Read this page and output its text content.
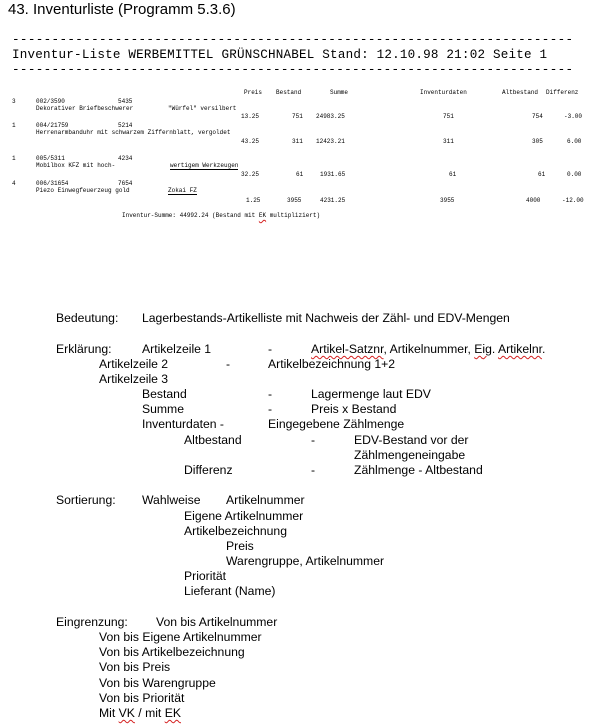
43. Inventurliste (Programm 5.3.6)
-----------------------------------------------------------------------
Inventur-Liste WERBEMITTEL GRÜNSCHNABEL Stand: 12.10.98 21:02 Seite 1
-----------------------------------------------------------------------
Preis Bestand	Summe	Inventurdaten	Altbestand Differenz
3	002/3590	5435
Dekorativer Briefbeschwerer	"Würfel" versilbert
13.25	751 24983.25	751	754	-3.00
1	004/21759	5214
Herrenarmbanduhr mit schwarzem Ziffernblatt, vergoldet
43.25	311 12423.21	311	305	6.00
1	005/5311	4234
Mobilbox KFZ mit hoch-	wertigem Werkzeugen
32.25	61	1931.65	61	61	0.00
4	006/31654	7654
Piezo Einwegfeuerzeug gold	Zokai FZ
1.25	3955	4231.25	3955	4000	-12.00
Inventur-Summe: 44992.24 (Bestand mit EK multipliziert)
Bedeutung: Lagerbestands-Artikelliste mit Nachweis der Zähl- und EDV-Mengen
Erklärung: Artikelzeile 1	-	Artikel-Satznr, Artikelnummer, Eig. Artikelnr.
Artikelzeile 2	-	Artikelbezeichnung 1+2
Artikelzeile 3
Bestand	-	Lagermenge laut EDV
Summe	-	Preis x Bestand
Inventurdaten -	Eingegebene Zählmenge
Altbestand	-	EDV-Bestand vor der
Zählmengeneingabe
Differenz	-	Zählmenge - Altbestand
Sortierung: Wahlweise Artikelnummer
Eigene Artikelnummer
Artikelbezeichnung
Preis
Warengruppe, Artikelnummer
Priorität
Lieferant (Name)
Eingrenzung: Von bis Artikelnummer
Von bis Eigene Artikelnummer
Von bis Artikelbezeichnung
Von bis Preis
Von bis Warengruppe
Von bis Priorität
Mit VK / mit EK
